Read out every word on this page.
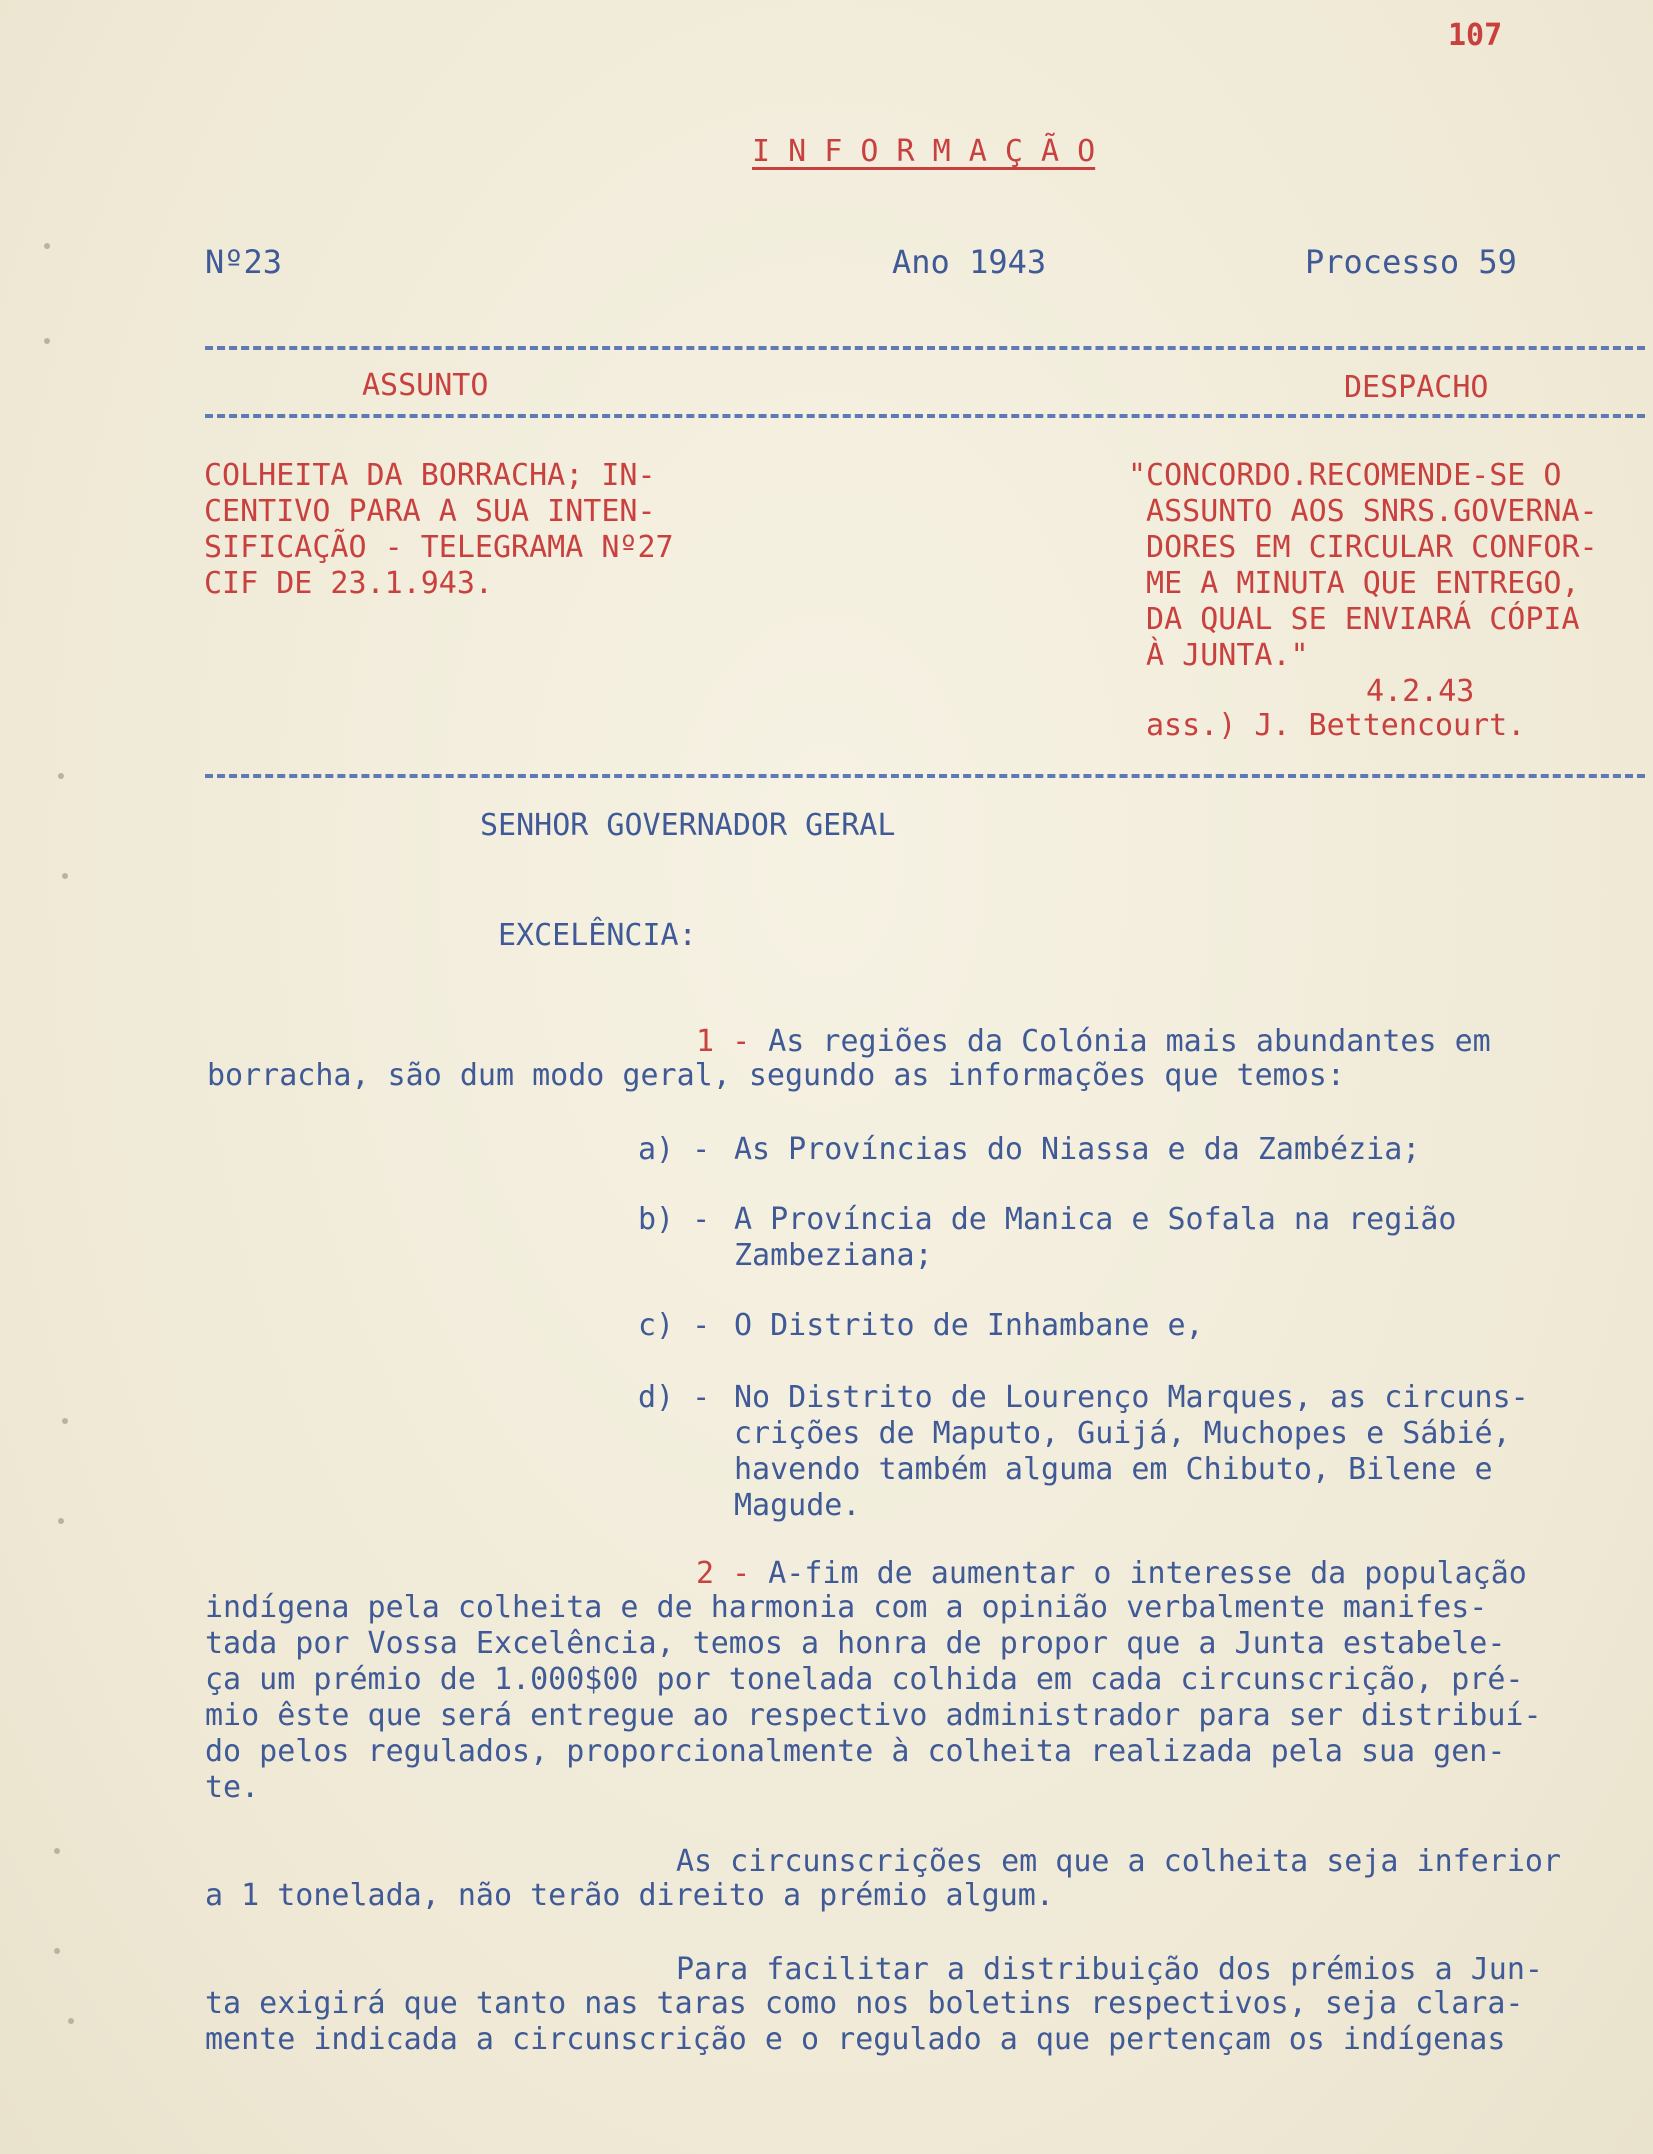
107
I N F O R M A Ç Ã O
Nº23	Ano 1943	Processo 59
ASSUNTO	DESPACHO
COLHEITA DA BORRACHA; IN-
CENTIVO PARA A SUA INTEN-
SIFICAÇÃO - TELEGRAMA Nº27
CIF DE 23.1.943.
"CONCORDO.RECOMENDE-SE O
ASSUNTO AOS SNRS.GOVERNA-
DORES EM CIRCULAR CONFOR-
ME A MINUTA QUE ENTREGO,
DA QUAL SE ENVIARÁ CÓPIA
À JUNTA."
4.2.43
ass.) J. Bettencourt.
SENHOR GOVERNADOR GERAL
EXCELÊNCIA:
1 - As regiões da Colónia mais abundantes em
borracha, são dum modo geral, segundo as informações que temos:
a) - As Províncias do Niassa e da Zambézia;
b) - A Província de Manica e Sofala na região
Zambeziana;
c) - O Distrito de Inhambane e,
d) - No Distrito de Lourenço Marques, as circuns-
crições de Maputo, Guijá, Muchopes e Sábié,
havendo também alguma em Chibuto, Bilene e
Magude.
2 - A-fim de aumentar o interesse da população
indígena pela colheita e de harmonia com a opinião verbalmente manifes-
tada por Vossa Excelência, temos a honra de propor que a Junta estabele-
ça um prémio de 1.000$00 por tonelada colhida em cada circunscrição, pré-
mio êste que será entregue ao respectivo administrador para ser distribuí-
do pelos regulados, proporcionalmente à colheita realizada pela sua gen-
te.
As circunscrições em que a colheita seja inferior
a 1 tonelada, não terão direito a prémio algum.
Para facilitar a distribuição dos prémios a Jun-
ta exigirá que tanto nas taras como nos boletins respectivos, seja clara-
mente indicada a circunscrição e o regulado a que pertençam os indígenas
